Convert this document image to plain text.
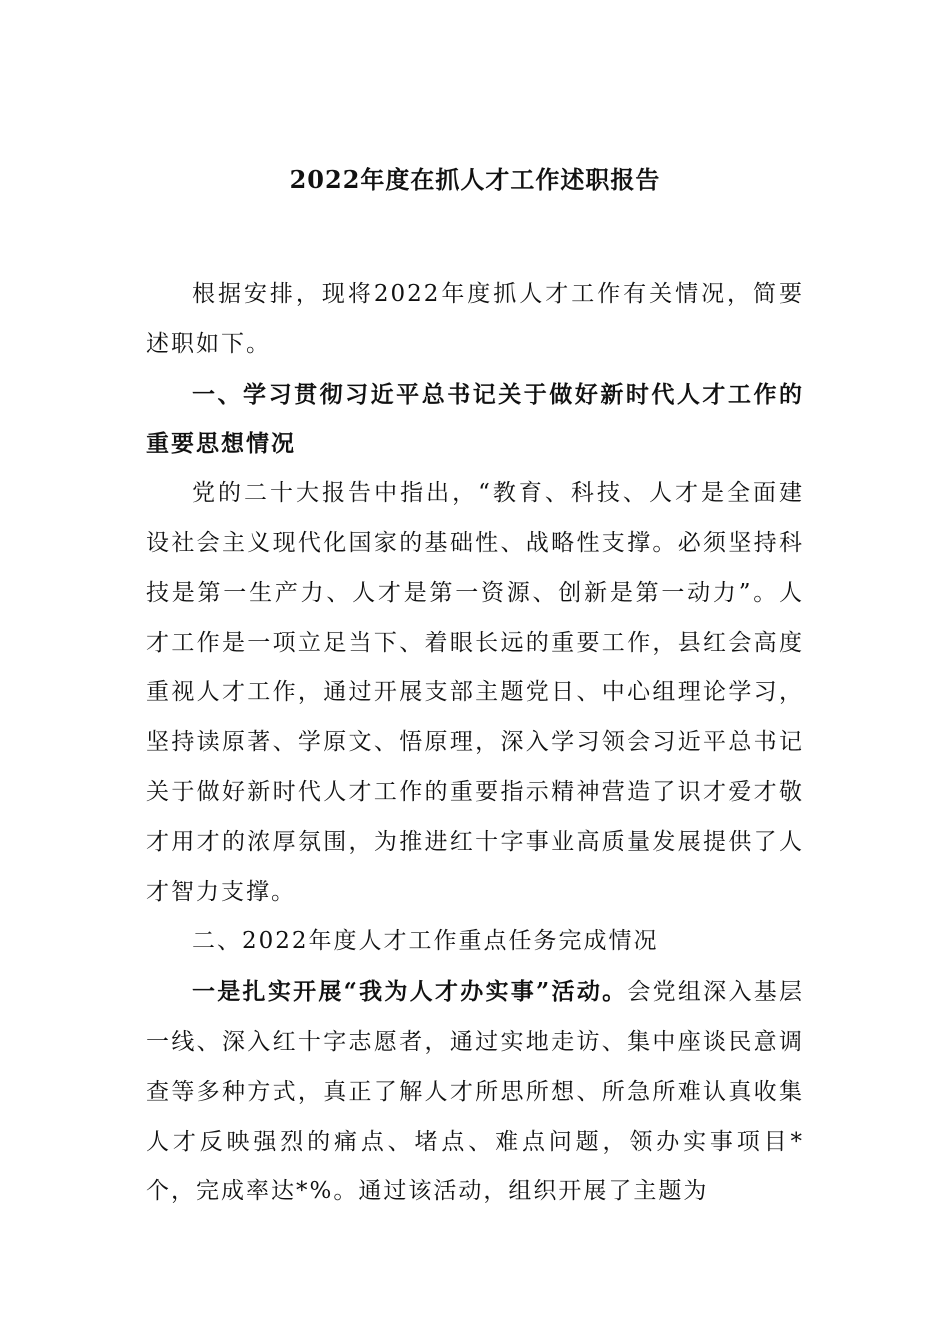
2022年度在抓人才工作述职报告

根据安排，现将2022年度抓人才工作有关情况，简要述职如下。

一、学习贯彻习近平总书记关于做好新时代人才工作的重要思想情况

党的二十大报告中指出，“教育、科技、人才是全面建设社会主义现代化国家的基础性、战略性支撑。必须坚持科技是第一生产力、人才是第一资源、创新是第一动力”。人才工作是一项立足当下、着眼长远的重要工作，县红会高度重视人才工作，通过开展支部主题党日、中心组理论学习，坚持读原著、学原文、悟原理，深入学习领会习近平总书记关于做好新时代人才工作的重要指示精神营造了识才爱才敬才用才的浓厚氛围，为推进红十字事业高质量发展提供了人才智力支撑。

二、2022年度人才工作重点任务完成情况

一是扎实开展“我为人才办实事”活动。会党组深入基层一线、深入红十字志愿者，通过实地走访、集中座谈民意调查等多种方式，真正了解人才所思所想、所急所难认真收集人才反映强烈的痛点、堵点、难点问题，领办实事项目*个，完成率达*%。通过该活动，组织开展了主题为
